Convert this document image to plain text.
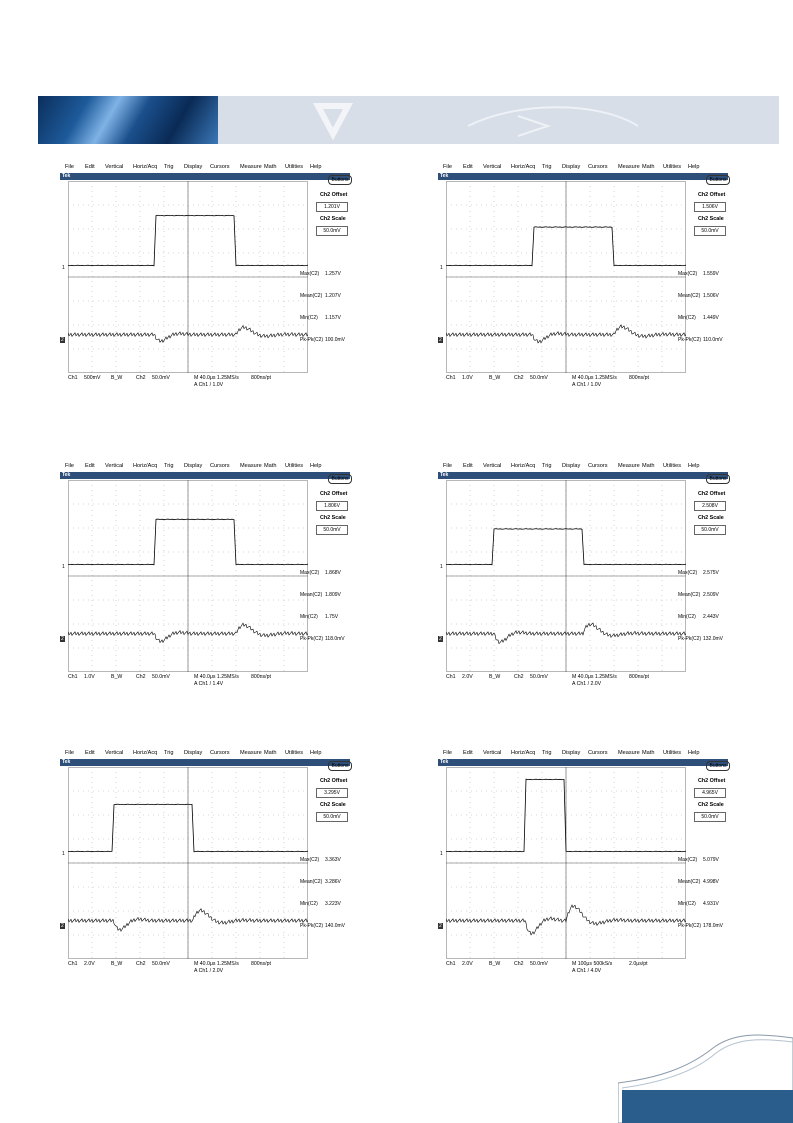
File Edit Vertical Horiz/Acq Trig Display Cursors Measure Math Utilities Help
Tek
Buttons
Ch2 Offset
1.201V
Ch2 Scale
50.0mV
Max(C2) 1.257V
Mean(C2) 1.207V
Min(C2) 1.157V
Pk-Pk(C2) 100.0mV
Ch1 500mV B_W	Ch2 50.0mV	M 40.0μs 1.25MS/s 800ns/pt
A Ch1 / 1.0V
1
2
File Edit Vertical Horiz/Acq Trig Display Cursors Measure Math Utilities Help
Tek
Buttons
Ch2 Offset
1.506V
Ch2 Scale
50.0mV
Max(C2) 1.559V
Mean(C2) 1.506V
Min(C2) 1.449V
Pk-Pk(C2) 110.0mV
Ch1 1.0V	B_W	Ch2 50.0mV	M 40.0μs 1.25MS/s 800ns/pt
A Ch1 / 1.0V
1
2
File Edit Vertical Horiz/Acq Trig Display Cursors Measure Math Utilities Help
Tek
Buttons
Ch2 Offset
1.806V
Ch2 Scale
50.0mV
Max(C2) 1.868V
Mean(C2) 1.809V
Min(C2) 1.75V
Pk-Pk(C2) 118.0mV
Ch1 1.0V	B_W	Ch2 50.0mV	M 40.0μs 1.25MS/s 800ns/pt
A Ch1 / 1.4V
1
2
File Edit Vertical Horiz/Acq Trig Display Cursors Measure Math Utilities Help
Tek
Buttons
Ch2 Offset
2.508V
Ch2 Scale
50.0mV
Max(C2) 2.575V
Mean(C2) 2.509V
Min(C2) 2.443V
Pk-Pk(C2) 132.0mV
Ch1 2.0V	B_W	Ch2 50.0mV	M 40.0μs 1.25MS/s 800ns/pt
A Ch1 / 2.0V
1
2
File Edit Vertical Horiz/Acq Trig Display Cursors Measure Math Utilities Help
Tek
Buttons
Ch2 Offset
3.295V
Ch2 Scale
50.0mV
Max(C2) 3.363V
Mean(C2) 3.286V
Min(C2) 3.223V
Pk-Pk(C2) 140.0mV
Ch1 2.0V	B_W	Ch2 50.0mV	M 40.0μs 1.25MS/s 800ns/pt
A Ch1 / 2.0V
1
2
File Edit Vertical Horiz/Acq Trig Display Cursors Measure Math Utilities Help
Tek
Buttons
Ch2 Offset
4.965V
Ch2 Scale
50.0mV
Max(C2) 5.079V
Mean(C2) 4.998V
Min(C2) 4.931V
Pk-Pk(C2) 178.0mV
Ch1 2.0V	B_W	Ch2 50.0mV	M 100μs 500kS/s	2.0μs/pt
A Ch1 / 4.0V
1
2
